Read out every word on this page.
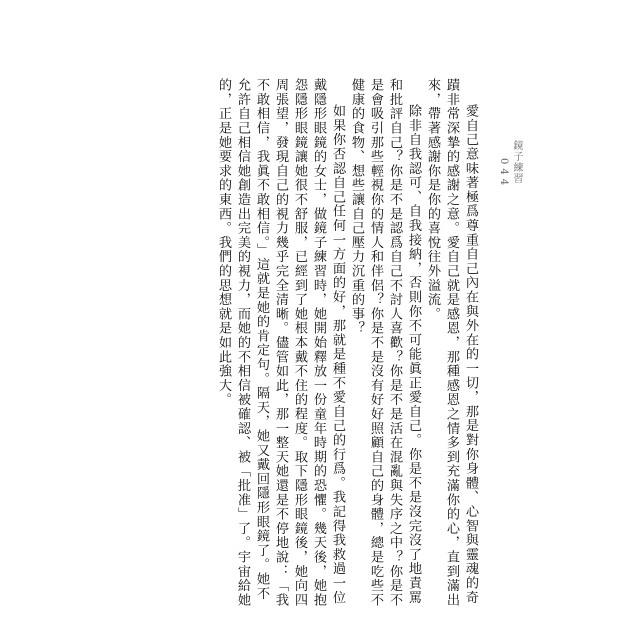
鏡子練習
044

愛自己意味著極爲尊重自己內在與外在的一切，那是對你身體、心智與靈魂的奇蹟非常深摯的感謝之意。愛自己就是感恩，那種感恩之情多到充滿你的心，直到滿出來，帶著感謝你是你的喜悅往外溢流。

除非自我認可、自我接納，否則你不可能眞正愛自己。你是不是沒完沒了地責罵和批評自己？你是不是認爲自己不討人喜歡？你是不是活在混亂與失序之中？你是不是會吸引那些輕視你的情人和伴侶？你是不是沒有好好照顧自己的身體，總是吃些不健康的食物、想些讓自己壓力沉重的事？

如果你否認自己任何一方面的好，那就是種不愛自己的行爲。我記得我救過一位戴隱形眼鏡的女士，做鏡子練習時，她開始釋放一份童年時期的恐懼。幾天後，她抱怨隱形眼鏡讓她很不舒服，已經到了她根本戴不住的程度。取下隱形眼鏡後，她向四周張望，發現自己的視力幾乎完全清晰。儘管如此，那一整天她還是不停地說：「我不敢相信，我眞不敢相信。」這就是她的肯定句。隔天，她又戴回隱形眼鏡了。她不允許自己相信她創造出完美的視力，而她的不相信被確認、被「批准」了。宇宙給她的，正是她要求的東西。我們的思想就是如此強大。
